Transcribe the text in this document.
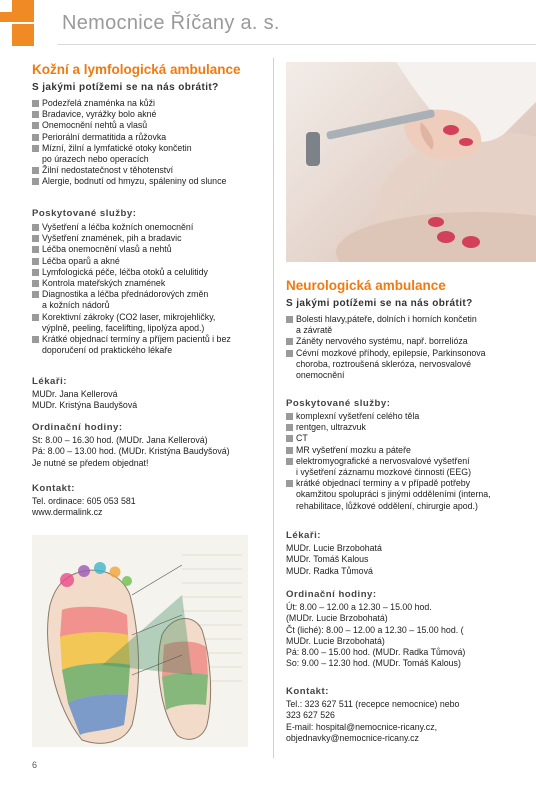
Nemocnice Říčany a. s.
Kožní a lymfologická ambulance
S jakými potížemi se na nás obrátit?
Podezřelá znaménka na kůži
Bradavice, vyrážky bolo akné
Onemocnění nehtů a vlasů
Periorální dermatitida a růžovka
Mízní, žilní a lymfatické otoky končetin
po úrazech nebo operacích
Žilní nedostatečnost v těhotenství
Alergie, bodnutí od hmyzu, spáleniny od slunce
Poskytované služby:
Vyšetření a léčba kožních onemocnění
Vyšetření znamének, pih a bradavic
Léčba onemocnění vlasů a nehtů
Léčba oparů a akné
Lymfologická péče, léčba otoků a celulitidy
Kontrola mateřských znamének
Diagnostika a léčba přednádorových změn
a kožních nádorů
Korektivní zákroky (CO2 laser, mikrojehličky,
výplně, peeling, facelifting, lipolýza apod.)
Krátké objednací termíny a příjem pacientů i bez
doporučení od praktického lékaře
Lékaři:
MUDr. Jana Kellerová
MUDr. Kristýna Baudyšová
Ordinační hodiny:
St: 8.00 – 16.30 hod. (MUDr. Jana Kellerová)
Pá: 8.00 – 13.00 hod. (MUDr. Kristýna Baudyšová)
Je nutné se předem objednat!
Kontakt:
Tel. ordinace: 605 053 581
www.dermalink.cz
Neurologická ambulance
S jakými potížemi se na nás obrátit?
Bolesti hlavy,páteře, dolních i horních končetin
a závratě
Záněty nervového systému, např. borrelióza
Cévní mozkové příhody, epilepsie, Parkinsonova
choroba, roztroušená skleróza, nervosvalové
onemocnění
Poskytované služby:
komplexní vyšetření celého těla
rentgen, ultrazvuk
CT
MR vyšetření mozku a páteře
elektromyografické a nervosvalové vyšetření
i vyšetření záznamu mozkové činnosti (EEG)
krátké objednací terminy a v případě potřeby
okamžitou spolupráci s jinými odděleními (interna,
rehabilitace, lůžkové oddělení, chirurgie apod.)
Lékaři:
MUDr. Lucie Brzobohatá
MUDr. Tomáš Kalous
MUDr. Radka Tůmová
Ordinační hodiny:
Út: 8.00 – 12.00 a 12.30 – 15.00 hod.
(MUDr. Lucie Brzobohatá)
Čt (liché): 8.00 – 12.00 a 12.30 – 15.00 hod. (
MUDr. Lucie Brzobohatá)
Pá: 8.00 – 15.00 hod. (MUDr. Radka Tůmová)
So: 9.00 – 12.30 hod. (MUDr. Tomáš Kalous)
Kontakt:
Tel.: 323 627 511 (recepce nemocnice) nebo
323 627 526
E-mail: hospital@nemocnice-ricany.cz,
objednavky@nemocnice-ricany.cz
6
